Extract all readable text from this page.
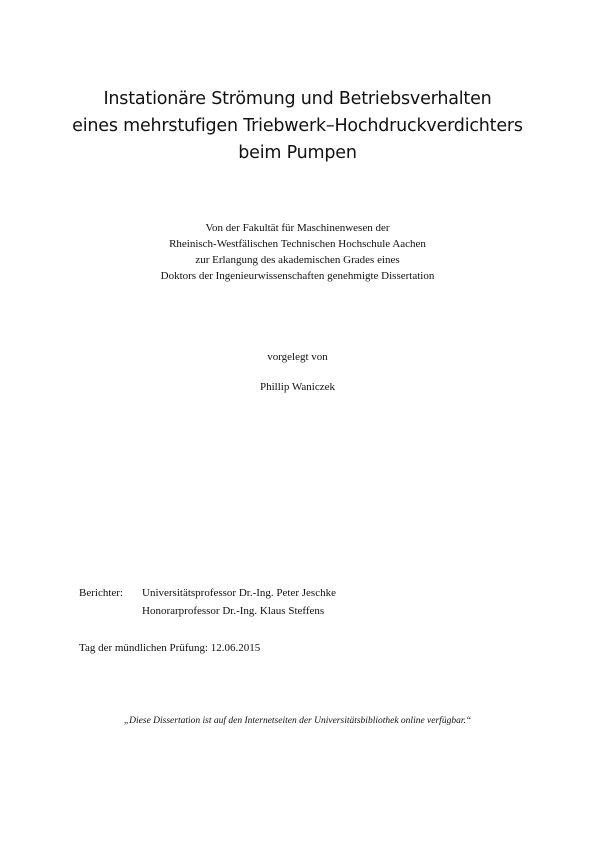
Instationäre Strömung und Betriebsverhalten
eines mehrstufigen Triebwerk–Hochdruckverdichters
beim Pumpen
Von der Fakultät für Maschinenwesen der
Rheinisch-Westfälischen Technischen Hochschule Aachen
zur Erlangung des akademischen Grades eines
Doktors der Ingenieurwissenschaften genehmigte Dissertation
vorgelegt von
Phillip Waniczek
Berichter:	Universitätsprofessor Dr.-Ing. Peter Jeschke
Honorarprofessor Dr.-Ing. Klaus Steffens
Tag der mündlichen Prüfung: 12.06.2015
„Diese Dissertation ist auf den Internetseiten der Universitätsbibliothek online verfügbar.“
